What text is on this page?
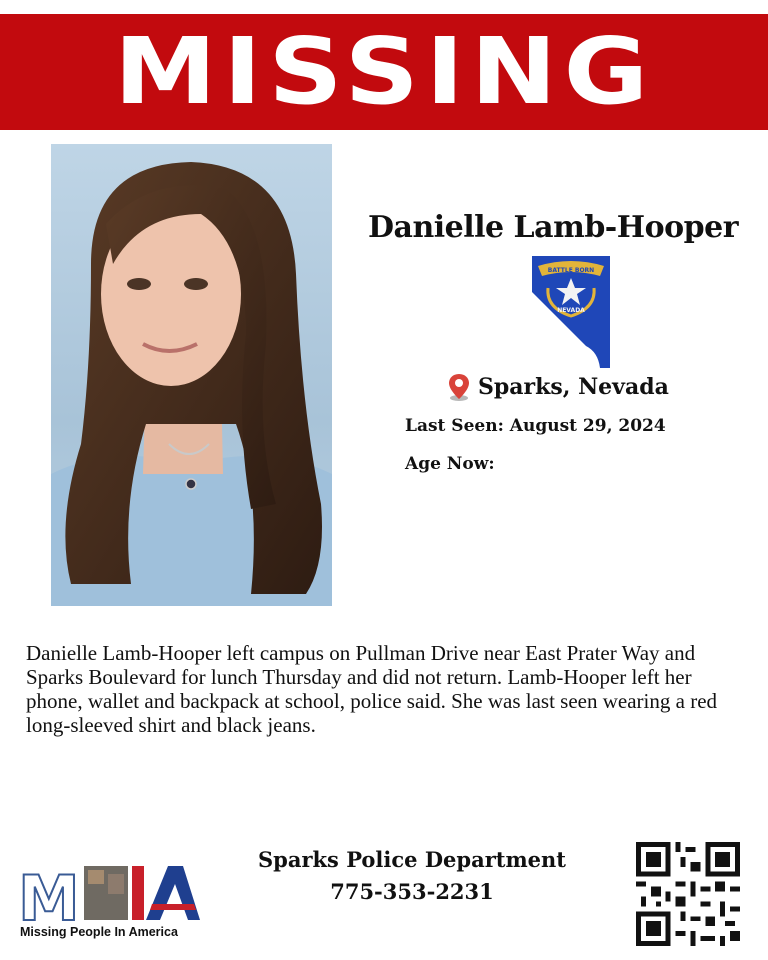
MISSING
Danielle Lamb-Hooper
BATTLE BORN
NEVADA
Sparks, Nevada
Last Seen: August 29, 2024
Age Now:
Danielle Lamb-Hooper left campus on Pullman Drive near East Prater Way and Sparks Boulevard for lunch Thursday and did not return. Lamb-Hooper left her phone, wallet and backpack at school, police said. She was last seen wearing a red long-sleeved shirt and black jeans.
M
Missing People In America
Sparks Police Department
775-353-2231
